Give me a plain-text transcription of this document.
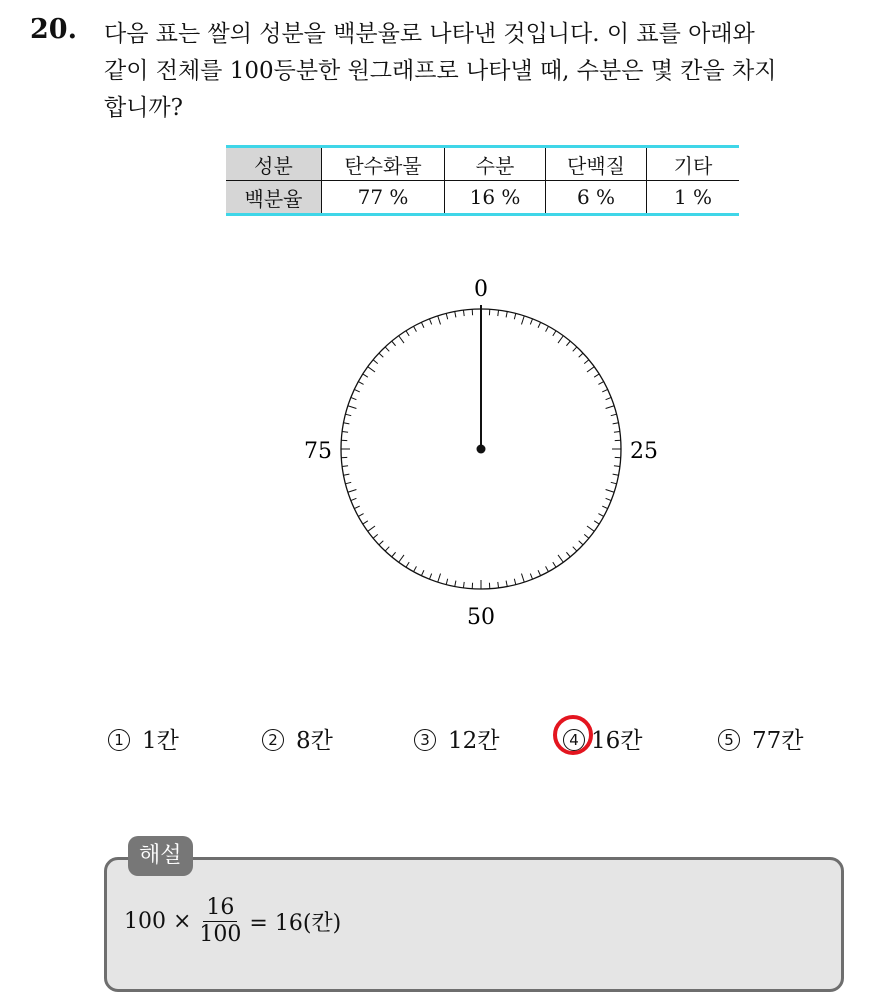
20. 다음 표는 쌀의 성분을 백분율로 나타낸 것입니다. 이 표를 아래와
같이 전체를 100등분한 원그래프로 나타낼 때, 수분은 몇 칸을 차지
합니까?
성분	탄수화물	수분	단백질	기타
백분율	77 %	16 %	6 %	1 %
0
25
50
75
1 1칸	2 8칸	3 12칸	4 16칸	5 77칸
해설
$100 \times \frac{16}{100} = 16$(칸)
